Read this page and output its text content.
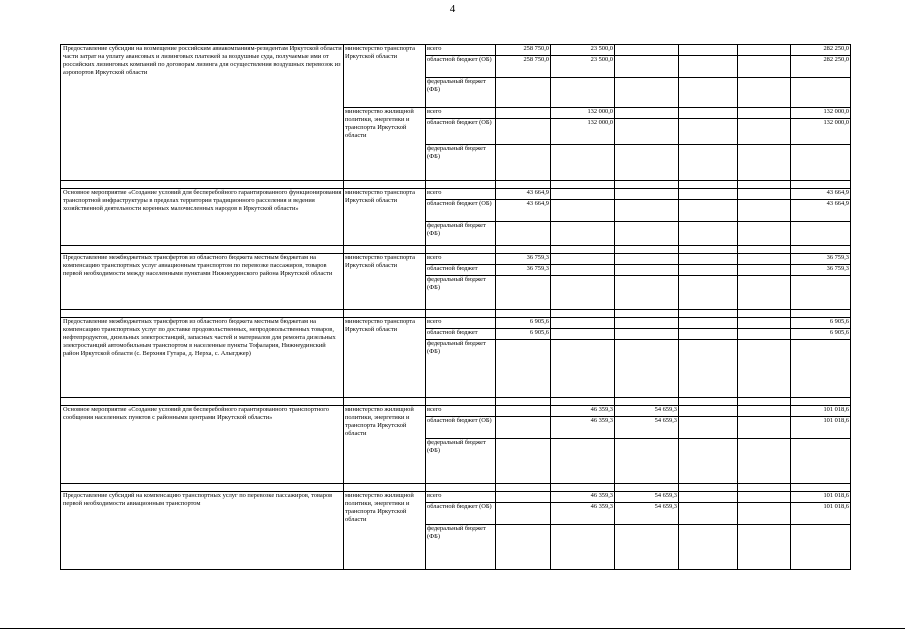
4
Предоставление субсидии на возмещение российским авиакомпаниям-резидентам Иркутской области части затрат на уплату авансовых и лизинговых платежей за воздушные суда, получаемые ими от российских лизинговых компаний по договорам лизинга для осуществления воздушных перевозок из аэропортов Иркутской области	министерство транспорта Иркутской области	всего	258 750,0	23 500,0				282 250,0
		областной бюджет (ОБ)	258 750,0	23 500,0				282 250,0
		федеральный бюджет (ФБ)						
	министерство жилищной политики, энергетики и транспорта Иркутской области	всего		132 000,0				132 000,0
		областной бюджет (ОБ)		132 000,0				132 000,0
		федеральный бюджет (ФБ)						

Основное мероприятие «Создание условий для бесперебойного гарантированного функционирования транспортной инфраструктуры в пределах территории традиционного расселения и ведения хозяйственной деятельности коренных малочисленных народов в Иркутской области»	министерство транспорта Иркутской области	всего	43 664,9					43 664,9
		областной бюджет (ОБ)	43 664,9					43 664,9
		федеральный бюджет (ФБ)						

Предоставление межбюджетных трансфертов из областного бюджета местным бюджетам на компенсацию транспортных услуг авиационным транспортом по перевозке пассажиров, товаров первой необходимости между населенными пунктами Нижнеудинского района Иркутской области	министерство транспорта Иркутской области	всего	36 759,3					36 759,3
		областной бюджет	36 759,3					36 759,3
		федеральный бюджет (ФБ)						

Предоставление межбюджетных трансфертов из областного бюджета местным бюджетам на компенсацию транспортных услуг по доставке продовольственных, непродовольственных товаров, нефтепродуктов, дизельных электростанций, запасных частей и материалов для ремонта дизельных электростанций автомобильным транспортом в населенные пункты Тофалария, Нижнеудинский район Иркутской области (с. Верхняя Гутара, д. Нерха, с. Алыгджер)	министерство транспорта Иркутской области	всего	6 905,6					6 905,6
		областной бюджет	6 905,6					6 905,6
		федеральный бюджет (ФБ)						

Основное мероприятие «Создание условий для бесперебойного гарантированного транспортного сообщения населенных пунктов с районными центрами Иркутской области»	министерство жилищной политики, энергетики и транспорта Иркутской области	всего		46 359,3	54 659,3			101 018,6
		областной бюджет (ОБ)		46 359,3	54 659,3			101 018,6
		федеральный бюджет (ФБ)						

Предоставление субсидий на компенсацию транспортных услуг по перевозке пассажиров, товаров первой необходимости авиационным транспортом	министерство жилищной политики, энергетики и транспорта Иркутской области	всего		46 359,3	54 659,3			101 018,6
		областной бюджет (ОБ)		46 359,3	54 659,3			101 018,6
		федеральный бюджет (ФБ)						
